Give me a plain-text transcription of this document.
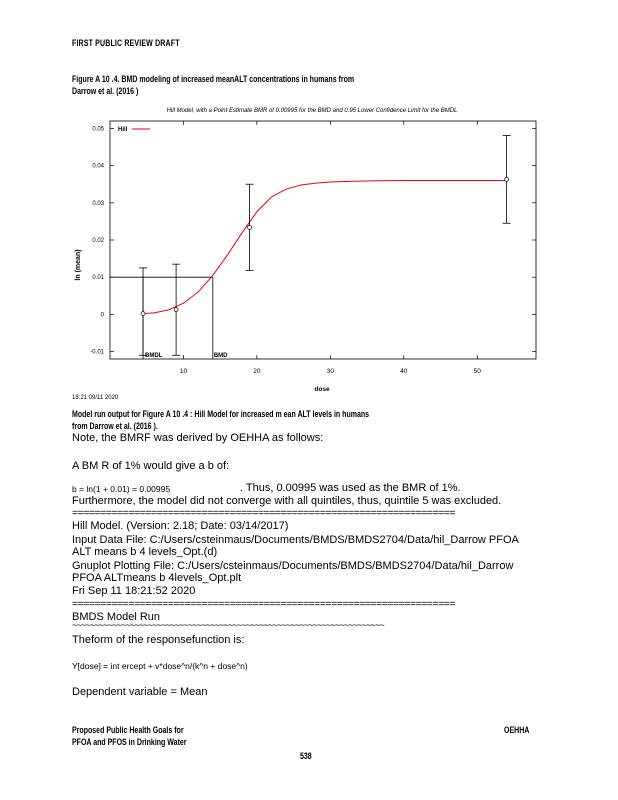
FIRST PUBLIC REVIEW DRAFT
Figure A 10 .4. BMD modeling of increased meanALT concentrations in humans from
Darrow et al. (2016 )
Hill Model, with a Point Estimate BMR of 0.00995 for the BMD and 0.95 Lower Confidence Limit for the BMDL
-0.01
0
0.01
0.02
0.03
0.04
0.05
10	20	30	40	50
ln (mean)
dose
Hill
BMDL	BMD
18:21 09/11 2020
Model run output for Figure A 10 .4 : Hill Model for increased m ean ALT levels in humans
from Darrow et al. (2016 ).
Note, the BMRF was derived by OEHHA as follows:
A BM R of 1% would give a b of:
b = ln(1 + 0.01) = 0.00995	. Thus, 0.00995 was used as the BMR of 1%.
Furthermore, the model did not converge with all quintiles, thus, quintile 5 was excluded.
====================================================================
Hill Model. (Version: 2.18; Date: 03/14/2017)
Input Data File: C:/Users/csteinmaus/Documents/BMDS/BMDS2704/Data/hil_Darrow PFOA
ALT means b 4 levels_Opt.(d)
Gnuplot Plotting File: C:/Users/csteinmaus/Documents/BMDS/BMDS2704/Data/hil_Darrow
PFOA ALTmeans b 4levels_Opt.plt
Fri Sep 11 18:21:52 2020
====================================================================
BMDS Model Run
~~~~~~~~~~~~~~~~~~~~~~~~~~~~~~~~~~~~~~~~~~~~~~~~~~~~~~~~~~~~~~~~~~~~~~
Theform of the responsefunction is:
Y[dose] = int ercept + v*dose^n/(k^n + dose^n)
Dependent variable = Mean
Proposed Public Health Goals for	OEHHA
PFOA and PFOS in Drinking Water
538
